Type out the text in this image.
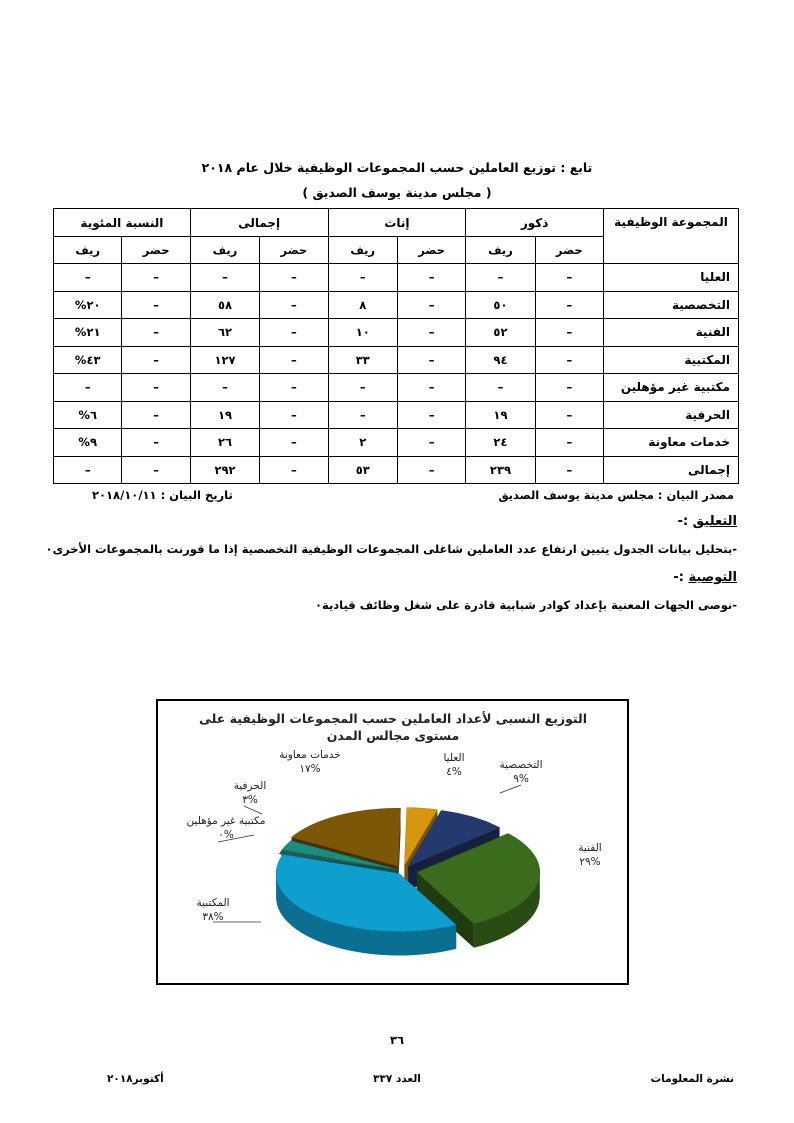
تابع : توزيع العاملين حسب المجموعات الوظيفية خلال عام ٢٠١٨
( مجلس مدينة يوسف الصديق )
المجموعة الوظيفية	ذكور		إناث		إجمالى		النسبة المئوية	
	حضر	ريف	حضر	ريف	حضر	ريف	حضر	ريف
العليا	–	–	–	–	–	–	–	–
التخصصية	–	٥٠	–	٨	–	٥٨	–	٢٠%
الفنية	–	٥٢	–	١٠	–	٦٢	–	٢١%
المكتبية	–	٩٤	–	٣٣	–	١٢٧	–	٤٣%
مكتبية غير مؤهلين	–	–	–	–	–	–	–	–
الحرفية	–	١٩	–	–	–	١٩	–	٦%
خدمات معاونة	–	٢٤	–	٢	–	٢٦	–	٩%
إجمالى	–	٢٣٩	–	٥٣	–	٢٩٢	–	–
مصدر البيان : مجلس مدينة يوسف الصديق
تاريخ البيان : ٢٠١٨/١٠/١١
التعليق :-
-بتحليل بيانات الجدول يتبين ارتفاع عدد العاملين شاغلى المجموعات الوظيفية التخصصية إذا ما قورنت بالمجموعات الأخرى٠
التوصية :-
-نوصى الجهات المعنية بإعداد كوادر شبابية قادرة على شغل وظائف قيادية٠
العليا
٤%
التخصصية
٩%
الفنية
٢٩%
المكتبية
٣٨%
مكتبية غير مؤهلين
٠%
الحرفية
٣%
خدمات معاونة
١٧%
التوزيع النسبى لأعداد العاملين حسب المجموعات الوظيفية على مستوى مجالس المدن
٣٦
نشرة المعلومات
العدد ٣٣٧
أكتوبر٢٠١٨
